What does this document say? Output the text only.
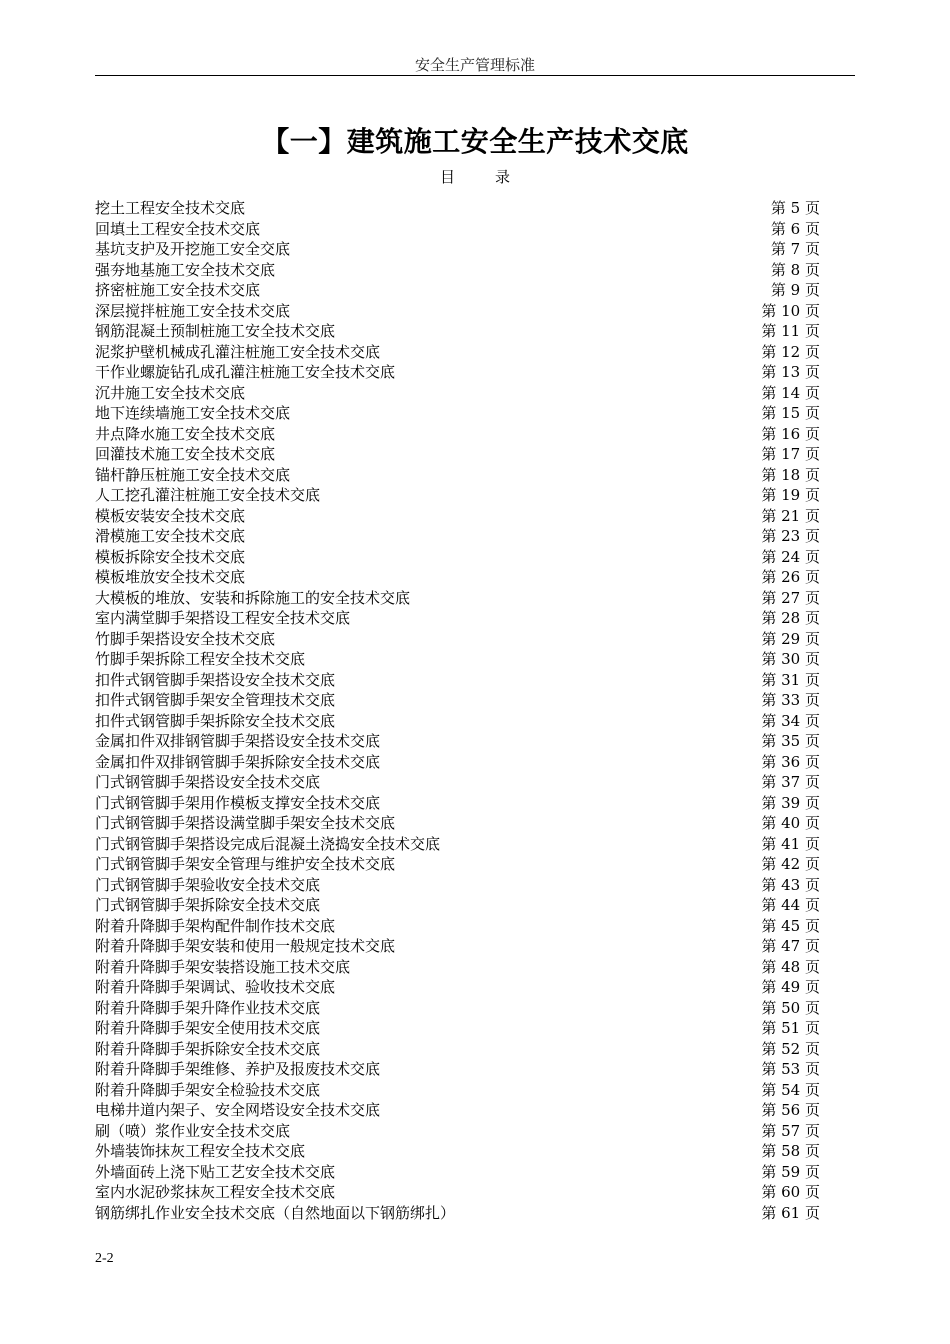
安全生产管理标准
【一】建筑施工安全生产技术交底
目录
挖土工程安全技术交底	第 5 页
回填土工程安全技术交底	第 6 页
基坑支护及开挖施工安全交底	第 7 页
强夯地基施工安全技术交底	第 8 页
挤密桩施工安全技术交底	第 9 页
深层搅拌桩施工安全技术交底	第 10 页
钢筋混凝土预制桩施工安全技术交底	第 11 页
泥浆护壁机械成孔灌注桩施工安全技术交底	第 12 页
干作业螺旋钻孔成孔灌注桩施工安全技术交底	第 13 页
沉井施工安全技术交底	第 14 页
地下连续墙施工安全技术交底	第 15 页
井点降水施工安全技术交底	第 16 页
回灌技术施工安全技术交底	第 17 页
锚杆静压桩施工安全技术交底	第 18 页
人工挖孔灌注桩施工安全技术交底	第 19 页
模板安装安全技术交底	第 21 页
滑模施工安全技术交底	第 23 页
模板拆除安全技术交底	第 24 页
模板堆放安全技术交底	第 26 页
大模板的堆放、安装和拆除施工的安全技术交底	第 27 页
室内满堂脚手架搭设工程安全技术交底	第 28 页
竹脚手架搭设安全技术交底	第 29 页
竹脚手架拆除工程安全技术交底	第 30 页
扣件式钢管脚手架搭设安全技术交底	第 31 页
扣件式钢管脚手架安全管理技术交底	第 33 页
扣件式钢管脚手架拆除安全技术交底	第 34 页
金属扣件双排钢管脚手架搭设安全技术交底	第 35 页
金属扣件双排钢管脚手架拆除安全技术交底	第 36 页
门式钢管脚手架搭设安全技术交底	第 37 页
门式钢管脚手架用作模板支撑安全技术交底	第 39 页
门式钢管脚手架搭设满堂脚手架安全技术交底	第 40 页
门式钢管脚手架搭设完成后混凝土浇捣安全技术交底	第 41 页
门式钢管脚手架安全管理与维护安全技术交底	第 42 页
门式钢管脚手架验收安全技术交底	第 43 页
门式钢管脚手架拆除安全技术交底	第 44 页
附着升降脚手架构配件制作技术交底	第 45 页
附着升降脚手架安装和使用一般规定技术交底	第 47 页
附着升降脚手架安装搭设施工技术交底	第 48 页
附着升降脚手架调试、验收技术交底	第 49 页
附着升降脚手架升降作业技术交底	第 50 页
附着升降脚手架安全使用技术交底	第 51 页
附着升降脚手架拆除安全技术交底	第 52 页
附着升降脚手架维修、养护及报废技术交底	第 53 页
附着升降脚手架安全检验技术交底	第 54 页
电梯井道内架子、安全网塔设安全技术交底	第 56 页
刷（喷）浆作业安全技术交底	第 57 页
外墙装饰抹灰工程安全技术交底	第 58 页
外墙面砖上浇下贴工艺安全技术交底	第 59 页
室内水泥砂浆抹灰工程安全技术交底	第 60 页
钢筋绑扎作业安全技术交底（自然地面以下钢筋绑扎）	第 61 页
2-2
